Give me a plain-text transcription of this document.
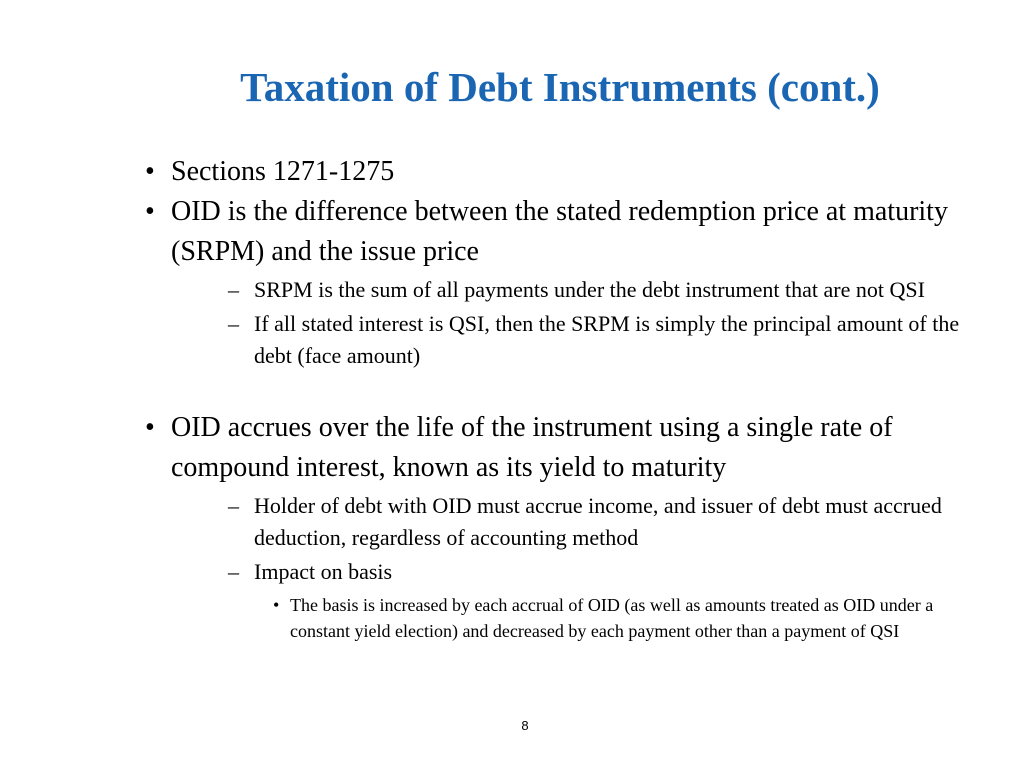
Taxation of Debt Instruments (cont.)
• Sections 1271-1275
• OID is the difference between the stated redemption price at maturity (SRPM) and the issue price
– SRPM is the sum of all payments under the debt instrument that are not QSI
– If all stated interest is QSI, then the SRPM is simply the principal amount of the debt (face amount)
• OID accrues over the life of the instrument using a single rate of compound interest, known as its yield to maturity
– Holder of debt with OID must accrue income, and issuer of debt must accrued deduction, regardless of accounting method
– Impact on basis
• The basis is increased by each accrual of OID (as well as amounts treated as OID under a constant yield election) and decreased by each payment other than a payment of QSI
8
